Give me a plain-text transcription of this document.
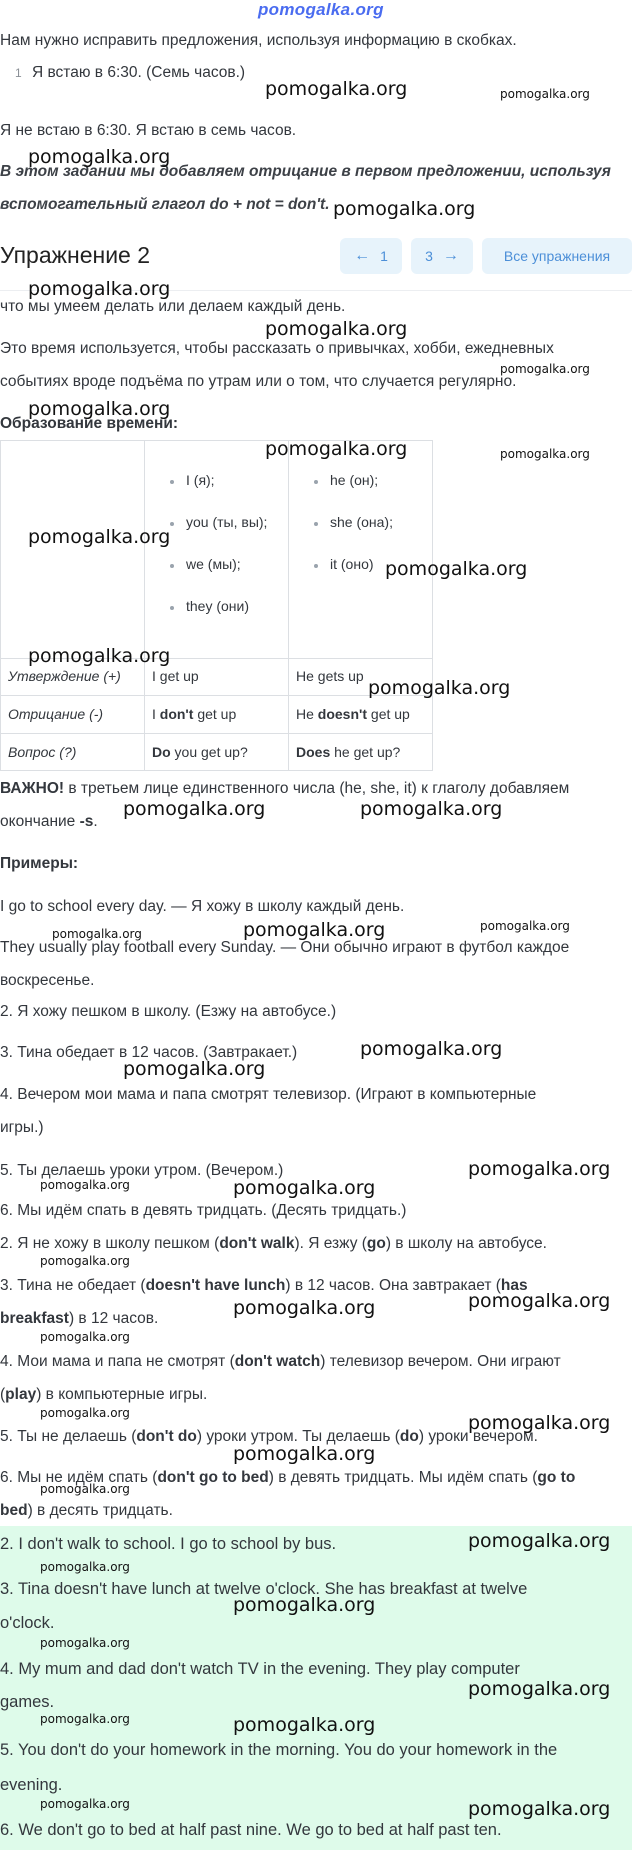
pomogalka.org
Нам нужно исправить предложения, используя информацию в скобках.
1 Я встаю в 6:30. (Семь часов.)
Я не встаю в 6:30. Я встаю в семь часов.
В этом задании мы добавляем отрицание в первом предложении, используя
вспомогательный глагол do + not = don't.
Упражнение 2	← 1	3 →	Все упражнения
что мы умеем делать или делаем каждый день.
Это время используется, чтобы рассказать о привычках, хобби, ежедневных
событиях вроде подъёма по утрам или о том, что случается регулярно.
Образование времени:
I (я);
you (ты, вы);
we (мы);
they (они)
he (он);
she (она);
it (оно)
Утверждение (+) I get up	He gets up
Отрицание (-)	I don't get up	He doesn't get up
Вопрос (?)	Do you get up?	Does he get up?
ВАЖНО! в третьем лице единственного числа (he, she, it) к глаголу добавляем
окончание -s.
Примеры:
I go to school every day. — Я хожу в школу каждый день.
They usually play football every Sunday. — Они обычно играют в футбол каждое
воскресенье.
2. Я хожу пешком в школу. (Езжу на автобусе.)
3. Тина обедает в 12 часов. (Завтракает.)
4. Вечером мои мама и папа смотрят телевизор. (Играют в компьютерные
игры.)
5. Ты делаешь уроки утром. (Вечером.)
6. Мы идём спать в девять тридцать. (Десять тридцать.)
2. Я не хожу в школу пешком (don't walk). Я езжу (go) в школу на автобусе.
3. Тина не обедает (doesn't have lunch) в 12 часов. Она завтракает (has
breakfast) в 12 часов.
4. Мои мама и папа не смотрят (don't watch) телевизор вечером. Они играют
(play) в компьютерные игры.
5. Ты не делаешь (don't do) уроки утром. Ты делаешь (do) уроки вечером.
6. Мы не идём спать (don't go to bed) в девять тридцать. Мы идём спать (go to
bed) в десять тридцать.
2. I don't walk to school. I go to school by bus.
3. Tina doesn't have lunch at twelve o'clock. She has breakfast at twelve
o'clock.
4. My mum and dad don't watch TV in the evening. They play computer
games.
5. You don't do your homework in the morning. You do your homework in the
evening.
6. We don't go to bed at half past nine. We go to bed at half past ten.
pomogalka.org	pomogalka.org
pomogalka.org
pomogalka.org
pomogalka.org
pomogalka.org
pomogalka.org
pomogalka.org
pomogalka.org	pomogalka.org
pomogalka.org
pomogalka.org
pomogalka.org
pomogalka.org
pomogalka.org	pomogalka.org
pomogalka.org
pomogalka.org	pomogalka.org
pomogalka.org
pomogalka.org
pomogalka.org
pomogalka.org	pomogalka.org
pomogalka.org
pomogalka.org
pomogalka.org
pomogalka.org
pomogalka.org	pomogalka.org
pomogalka.org
pomogalka.org
pomogalka.org
pomogalka.org
pomogalka.org
pomogalka.org
pomogalka.org
pomogalka.org
pomogalka.org
pomogalka.org
pomogalka.org
